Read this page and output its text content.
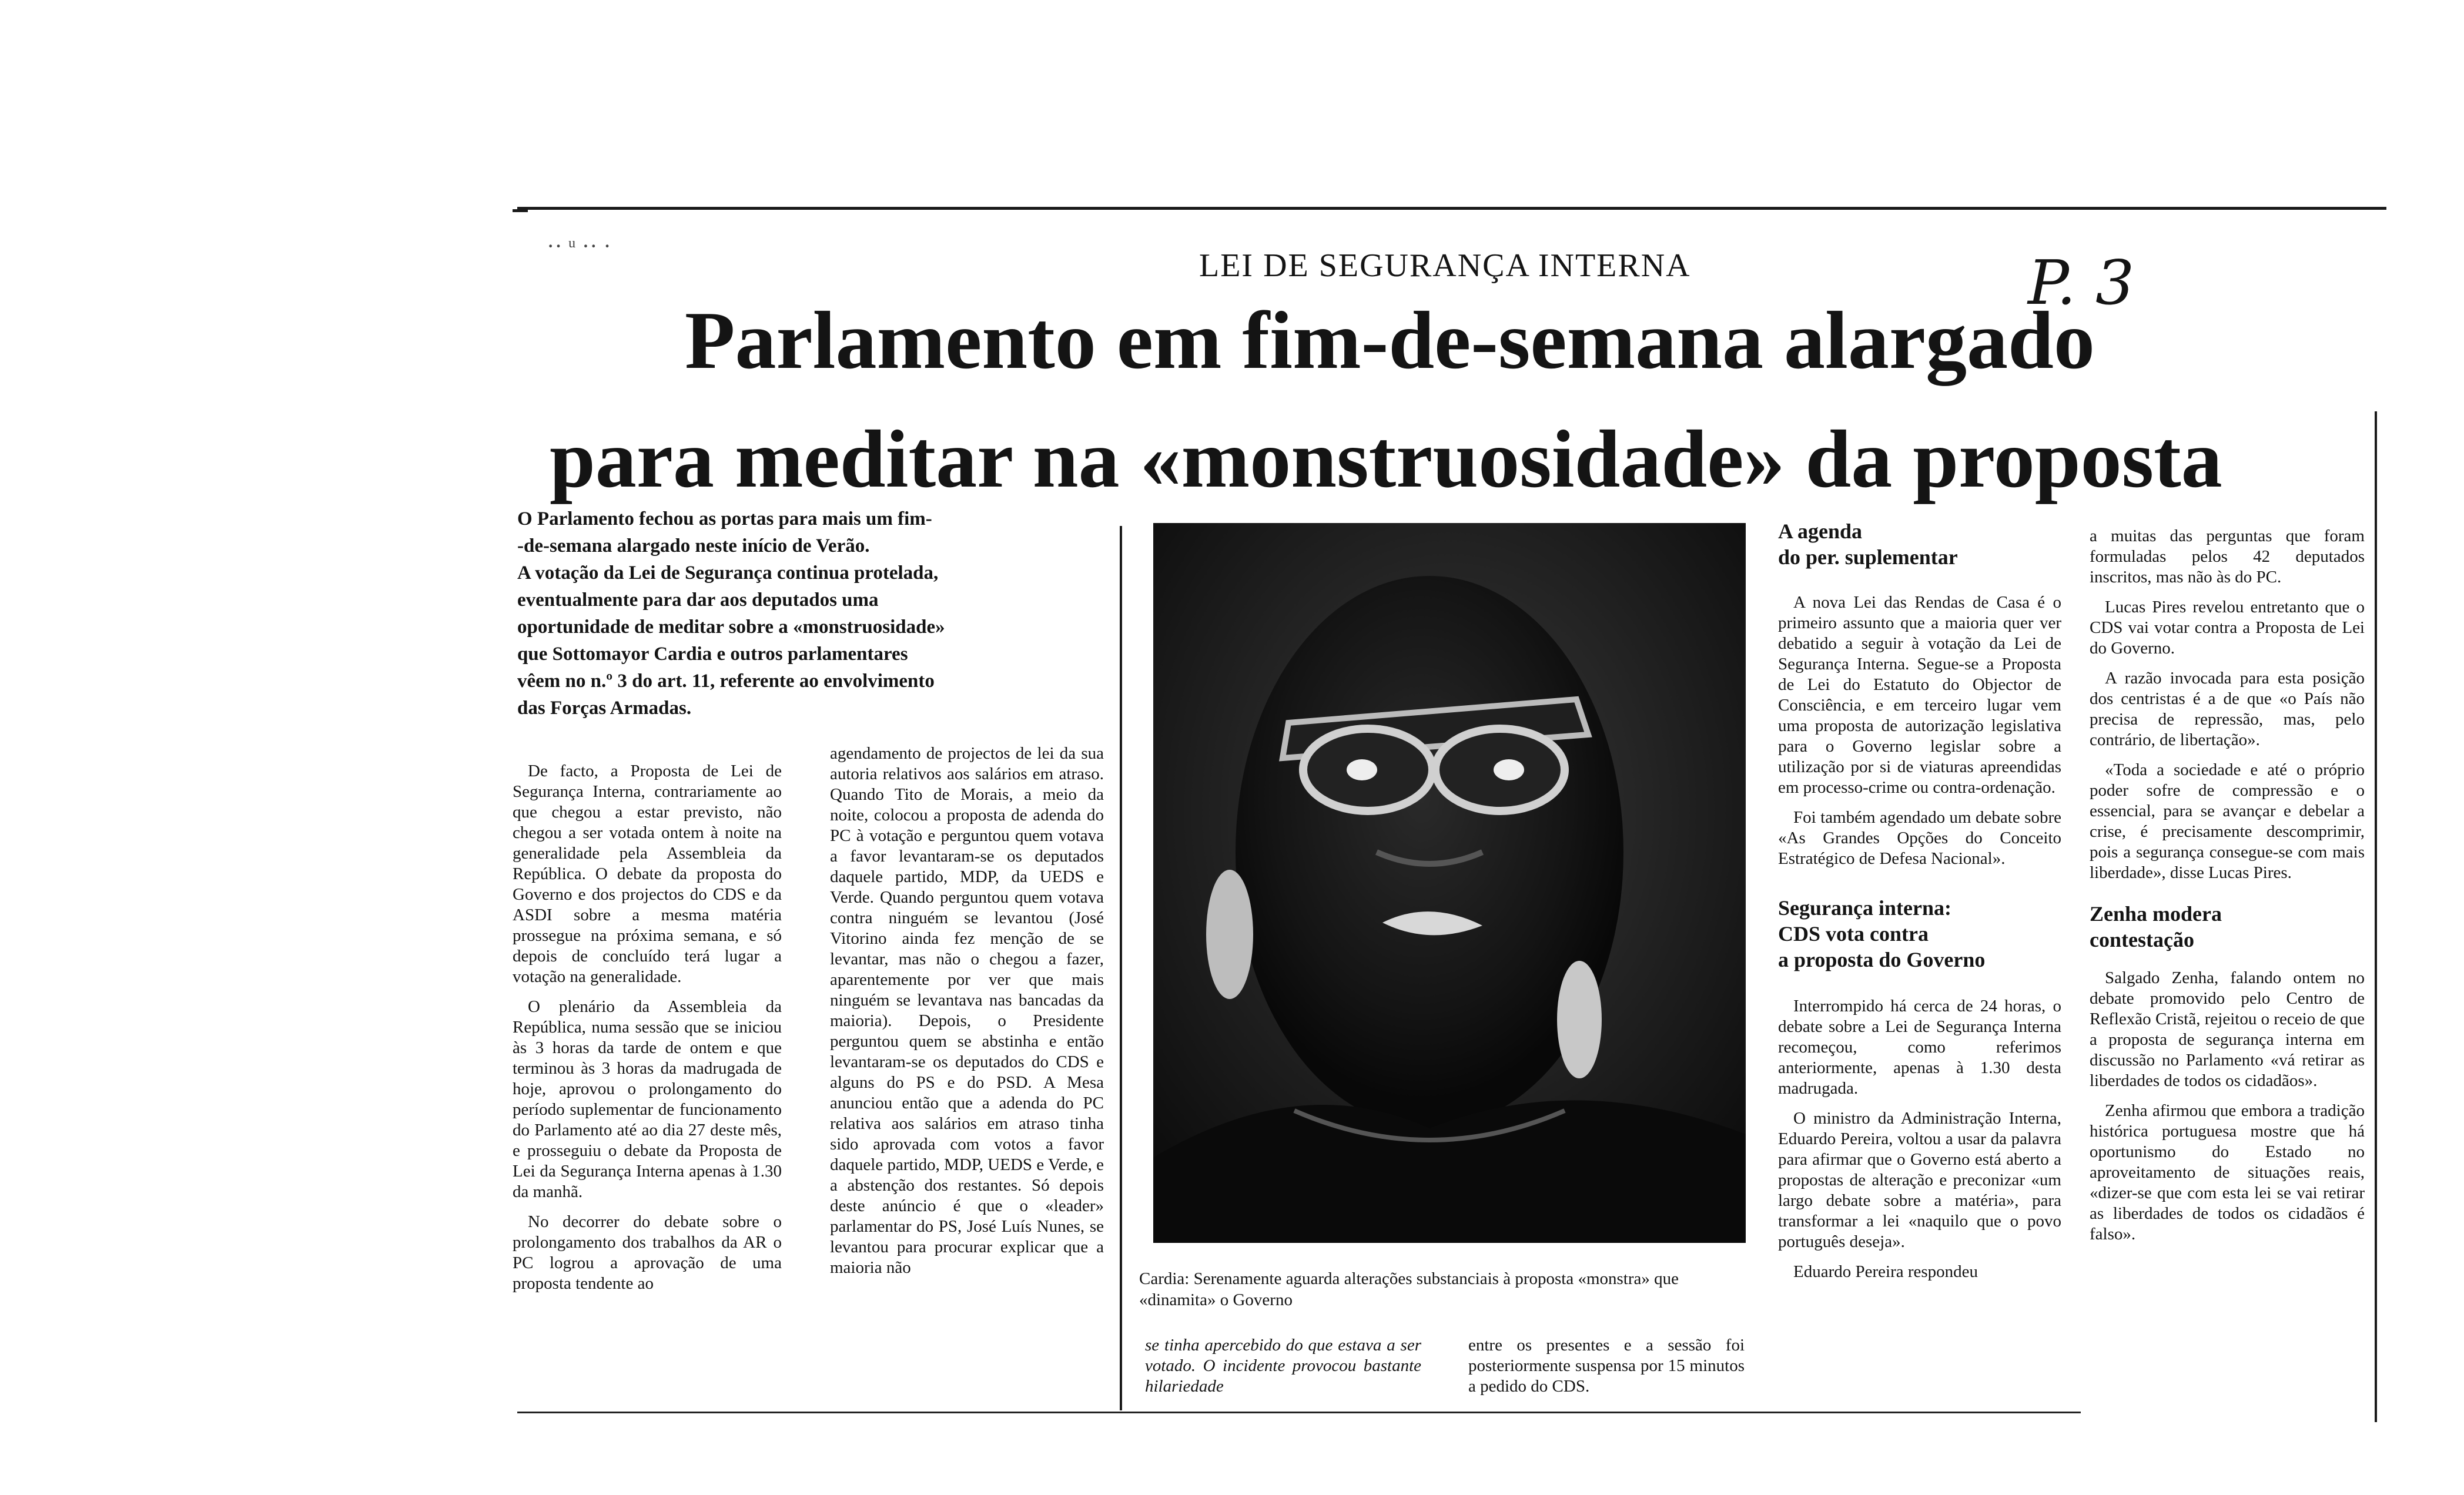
·· ᵘ ·· ·
LEI DE SEGURANÇA INTERNA	P. 3
Parlamento em fim-de-semana alargado
para meditar na «monstruosidade» da proposta
O Parlamento fechou as portas para mais um fim-
-de-semana alargado neste início de Verão.
A votação da Lei de Segurança continua protelada,
eventualmente para dar aos deputados uma
oportunidade de meditar sobre a «monstruosidade»
que Sottomayor Cardia e outros parlamentares
vêem no n.º 3 do art. 11, referente ao envolvimento
das Forças Armadas.

De facto, a Proposta de Lei de Segurança Interna, contrariamente ao que chegou a estar previsto, não chegou a ser votada ontem à noite na generalidade pela Assembleia da República. O debate da proposta do Governo e dos projectos do CDS e da ASDI sobre a mesma matéria prossegue na próxima semana, e só depois de concluído terá lugar a votação na generalidade.

O plenário da Assembleia da República, numa sessão que se iniciou às 3 horas da tarde de ontem e que terminou às 3 horas da madrugada de hoje, aprovou o prolongamento do período suplementar de funcionamento do Parlamento até ao dia 27 deste mês, e prosseguiu o debate da Proposta de Lei da Segurança Interna apenas à 1.30 da manhã.

No decorrer do debate sobre o prolongamento dos trabalhos da AR o PC logrou a aprovação de uma proposta tendente ao

agendamento de projectos de lei da sua autoria relativos aos salários em atraso. Quando Tito de Morais, a meio da noite, colocou a proposta de adenda do PC à votação e perguntou quem votava a favor levantaram-se os deputados daquele partido, MDP, da UEDS e Verde. Quando perguntou quem votava contra ninguém se levantou (José Vitorino ainda fez menção de se levantar, mas não o chegou a fazer, aparentemente por ver que mais ninguém se levantava nas bancadas da maioria). Depois, o Presidente perguntou quem se abstinha e então levantaram-se os deputados do CDS e alguns do PS e do PSD. A Mesa anunciou então que a adenda do PC relativa aos salários em atraso tinha sido aprovada com votos a favor daquele partido, MDP, UEDS e Verde, e a abstenção dos restantes. Só depois deste anúncio é que o «leader» parlamentar do PS, José Luís Nunes, se levantou para procurar explicar que a maioria não

Cardia: Serenamente aguarda alterações substanciais à proposta «monstra» que «dinamita» o Governo

se tinha apercebido do que estava a ser votado. O incidente provocou bastante hilariedade

entre os presentes e a sessão foi posteriormente suspensa por 15 minutos a pedido do CDS.

A agenda
do per. suplementar

A nova Lei das Rendas de Casa é o primeiro assunto que a maioria quer ver debatido a seguir à votação da Lei de Segurança Interna. Segue-se a Proposta de Lei do Estatuto do Objector de Consciência, e em terceiro lugar vem uma proposta de autorização legislativa para o Governo legislar sobre a utilização por si de viaturas apreendidas em processo-crime ou contra-ordenação.

Foi também agendado um debate sobre «As Grandes Opções do Conceito Estratégico de Defesa Nacional».

Segurança interna:
CDS vota contra
a proposta do Governo

Interrompido há cerca de 24 horas, o debate sobre a Lei de Segurança Interna recomeçou, como referimos anteriormente, apenas à 1.30 desta madrugada.

O ministro da Administração Interna, Eduardo Pereira, voltou a usar da palavra para afirmar que o Governo está aberto a propostas de alteração e preconizar «um largo debate sobre a matéria», para transformar a lei «naquilo que o povo português deseja».

Eduardo Pereira respondeu

a muitas das perguntas que foram formuladas pelos 42 deputados inscritos, mas não às do PC.

Lucas Pires revelou entretanto que o CDS vai votar contra a Proposta de Lei do Governo.

A razão invocada para esta posição dos centristas é a de que «o País não precisa de repressão, mas, pelo contrário, de libertação».

«Toda a sociedade e até o próprio poder sofre de compressão e o essencial, para se avançar e debelar a crise, é precisamente descomprimir, pois a segurança consegue-se com mais liberdade», disse Lucas Pires.

Zenha modera
contestação

Salgado Zenha, falando ontem no debate promovido pelo Centro de Reflexão Cristã, rejeitou o receio de que a proposta de segurança interna em discussão no Parlamento «vá retirar as liberdades de todos os cidadãos».

Zenha afirmou que embora a tradição histórica portuguesa mostre que há oportunismo do Estado no aproveitamento de situações reais, «dizer-se que com esta lei se vai retirar as liberdades de todos os cidadãos é falso».
